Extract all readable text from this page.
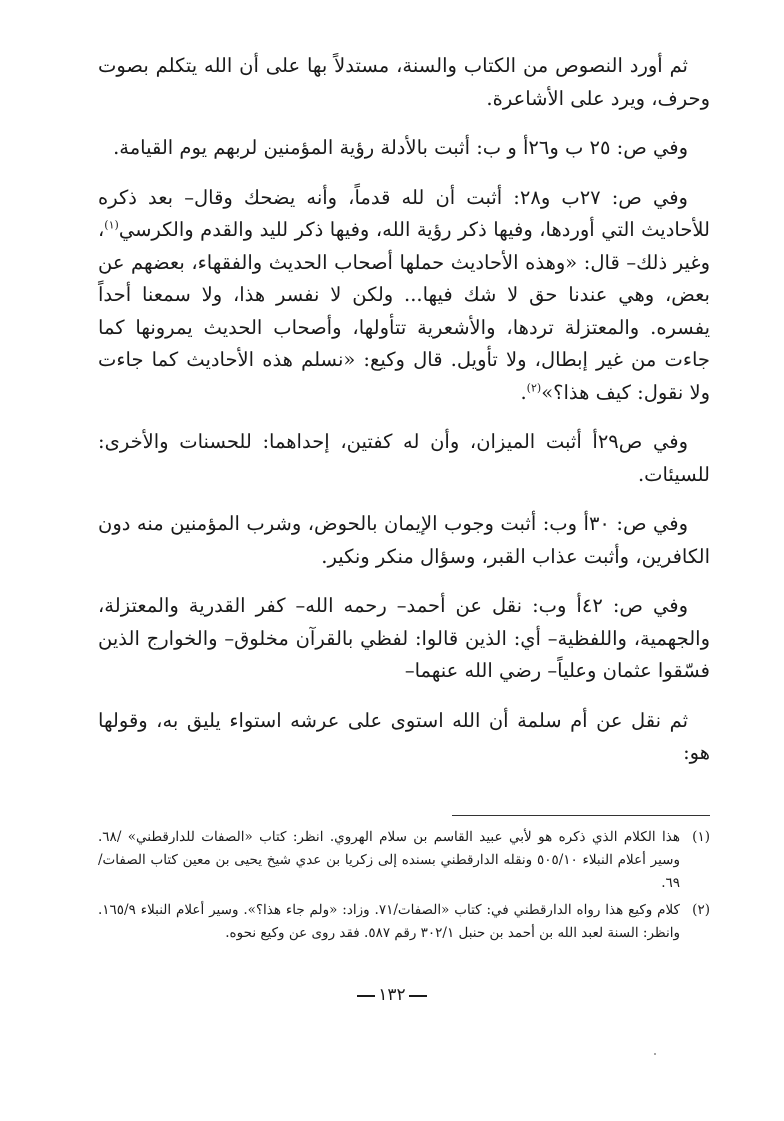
ثم أورد النصوص من الكتاب والسنة، مستدلاً بها على أن الله يتكلم بصوت وحرف، ويرد على الأشاعرة.

وفي ص: ٢٥ ب و٢٦أ و ب: أثبت بالأدلة رؤية المؤمنين لربهم يوم القيامة.

وفي ص: ٢٧ب و٢٨: أثبت أن لله قدماً، وأنه يضحك وقال– بعد ذكره للأحاديث التي أوردها، وفيها ذكر رؤية الله، وفيها ذكر لليد والقدم والكرسي$^{(١)}$، وغير ذلك– قال: «وهذه الأحاديث حملها أصحاب الحديث والفقهاء، بعضهم عن بعض، وهي عندنا حق لا شك فيها... ولكن لا نفسر هذا، ولا سمعنا أحداً يفسره. والمعتزلة تردها، والأشعرية تتأولها، وأصحاب الحديث يمرونها كما جاءت من غير إبطال، ولا تأويل. قال وكيع: «نسلم هذه الأحاديث كما جاءت ولا نقول: كيف هذا؟»$^{(٢)}$.

وفي ص٢٩أ أثبت الميزان، وأن له كفتين، إحداهما: للحسنات والأخرى: للسيئات.

وفي ص: ٣٠أ وب: أثبت وجوب الإيمان بالحوض، وشرب المؤمنين منه دون الكافرين، وأثبت عذاب القبر، وسؤال منكر ونكير.

وفي ص: ٤٢أ وب: نقل عن أحمد– رحمه الله– كفر القدرية والمعتزلة، والجهمية، واللفظية– أي: الذين قالوا: لفظي بالقرآن مخلوق– والخوارج الذين فسّقوا عثمان وعلياً– رضي الله عنهما–

ثم نقل عن أم سلمة أن الله استوى على عرشه استواء يليق به، وقولها هو:

(١)
هذا الكلام الذي ذكره هو لأبي عبيد القاسم بن سلام الهروي. انظر: كتاب «الصفات للدارقطني» /٦٨. وسير أعلام النبلاء ٥٠٥/١٠ ونقله الدارقطني بسنده إلى زكريا بن عدي شيخ يحيى بن معين كتاب الصفات/٦٩.
(٢)
كلام وكيع هذا رواه الدارقطني في: كتاب «الصفات/٧١. وزاد: «ولم جاء هذا؟». وسير أعلام النبلاء ١٦٥/٩. وانظر: السنة لعبد الله بن أحمد بن حنبل ٣٠٢/١ رقم ٥٨٧. فقد روى عن وكيع نحوه.
١٣٢
